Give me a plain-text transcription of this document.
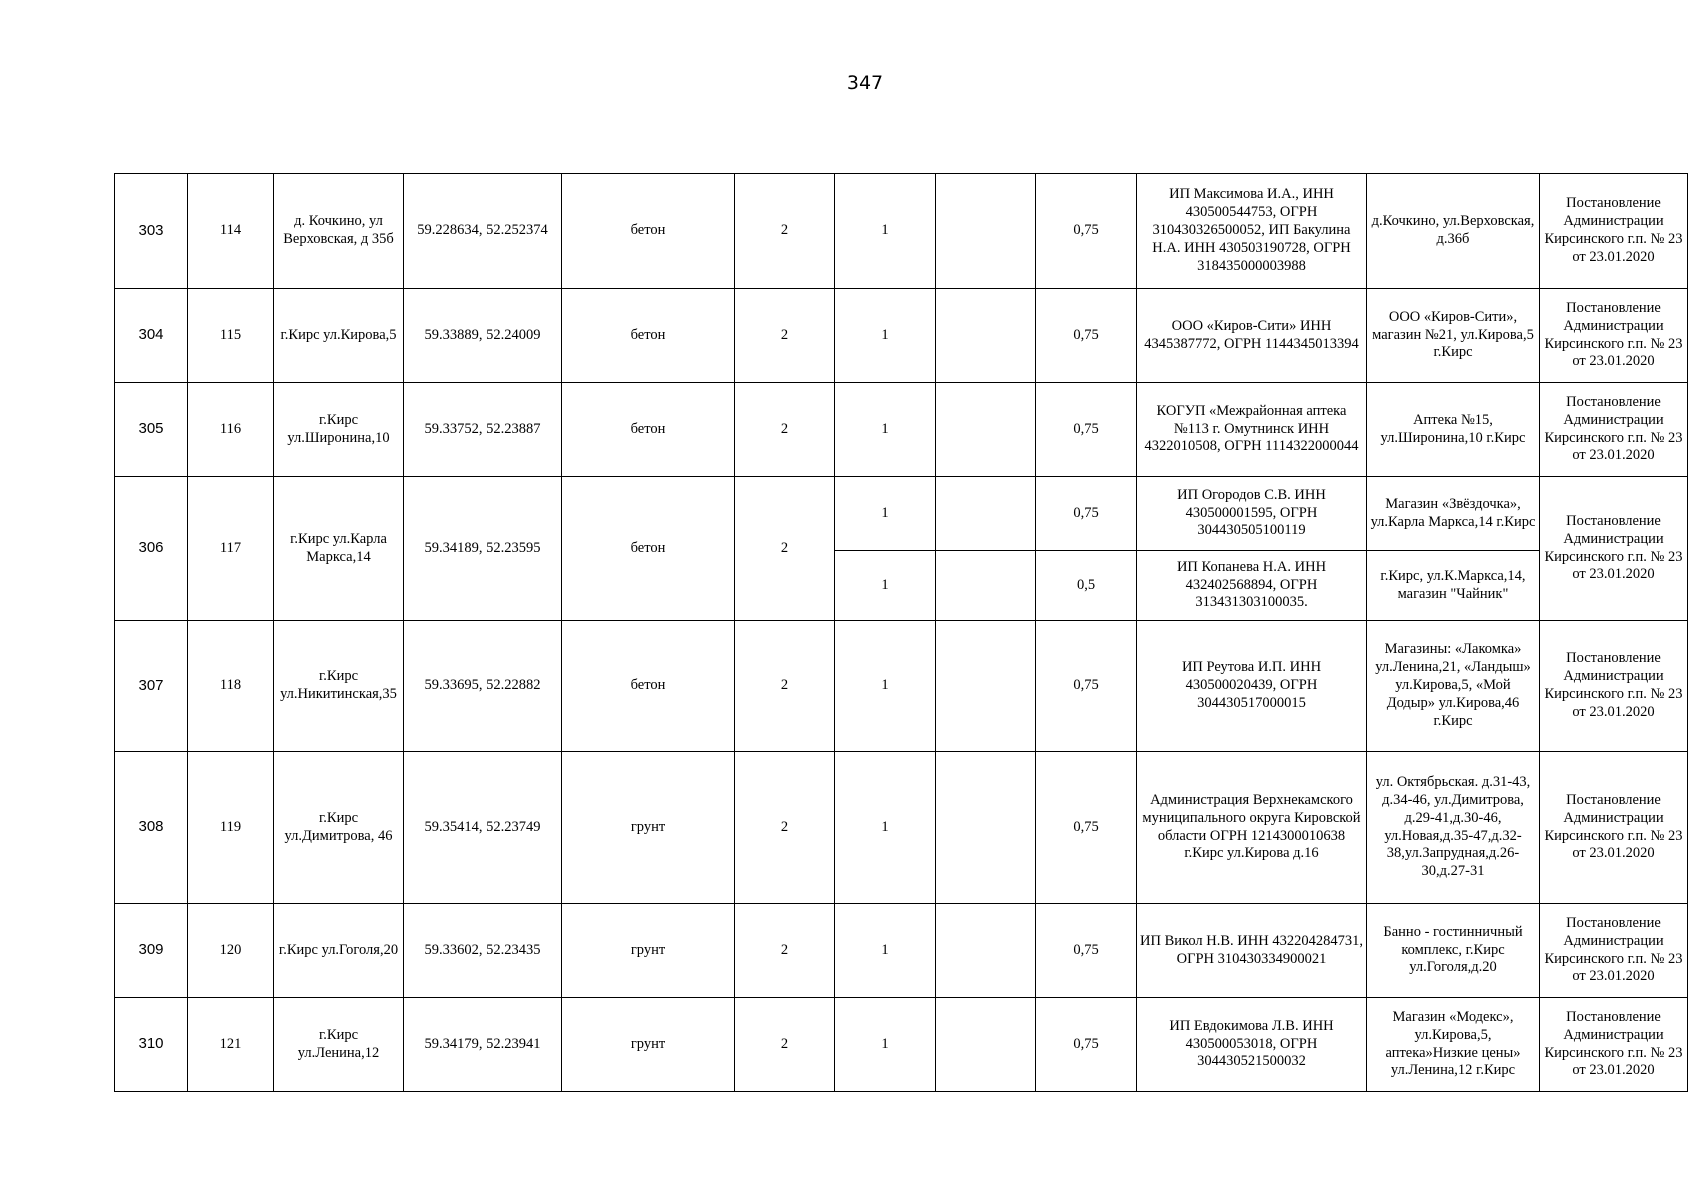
347
303	114	д. Кочкино, ул Верховская, д 35б	59.228634, 52.252374	бетон	2	1		0,75	ИП Максимова И.А., ИНН 430500544753, ОГРН 310430326500052, ИП Бакулина Н.А. ИНН 430503190728, ОГРН 318435000003988	д.Кочкино, ул.Верховская, д.36б	Постановление Администрации Кирсинского г.п. № 23 от 23.01.2020
304	115	г.Кирс ул.Кирова,5	59.33889, 52.24009	бетон	2	1		0,75	ООО «Киров-Сити» ИНН 4345387772, ОГРН 1144345013394	ООО «Киров-Сити», магазин №21, ул.Кирова,5 г.Кирс	Постановление Администрации Кирсинского г.п. № 23 от 23.01.2020
305	116	г.Кирс ул.Широнина,10	59.33752, 52.23887	бетон	2	1		0,75	КОГУП «Межрайонная аптека №113 г. Омутнинск ИНН 4322010508, ОГРН 1114322000044	Аптека №15, ул.Широнина,10 г.Кирс	Постановление Администрации Кирсинского г.п. № 23 от 23.01.2020
306	117	г.Кирс ул.Карла Маркса,14	59.34189, 52.23595	бетон	2	1		0,75	ИП Огородов С.В. ИНН 430500001595, ОГРН 304430505100119	Магазин «Звёздочка», ул.Карла Маркса,14 г.Кирс	Постановление Администрации Кирсинского г.п. № 23 от 23.01.2020
						1		0,5	ИП Копанева Н.А. ИНН 432402568894, ОГРН 313431303100035.	г.Кирс, ул.К.Маркса,14, магазин "Чайник"	
307	118	г.Кирс ул.Никитинская,35	59.33695, 52.22882	бетон	2	1		0,75	ИП Реутова И.П. ИНН 430500020439, ОГРН 304430517000015	Магазины: «Лакомка» ул.Ленина,21, «Ландыш» ул.Кирова,5, «Мой Додыр» ул.Кирова,46 г.Кирс	Постановление Администрации Кирсинского г.п. № 23 от 23.01.2020
308	119	г.Кирс ул.Димитрова, 46	59.35414, 52.23749	грунт	2	1		0,75	Администрация Верхнекамского муниципального округа Кировской области ОГРН 1214300010638 г.Кирс ул.Кирова д.16	ул. Октябрьская. д.31-43, д.34-46, ул.Димитрова, д.29-41,д.30-46, ул.Новая,д.35-47,д.32-38,ул.Запрудная,д.26-30,д.27-31	Постановление Администрации Кирсинского г.п. № 23 от 23.01.2020
309	120	г.Кирс ул.Гоголя,20	59.33602, 52.23435	грунт	2	1		0,75	ИП Викол Н.В. ИНН 432204284731, ОГРН 310430334900021	Банно - гостинничный комплекс, г.Кирс ул.Гоголя,д.20	Постановление Администрации Кирсинского г.п. № 23 от 23.01.2020
310	121	г.Кирс ул.Ленина,12	59.34179, 52.23941	грунт	2	1		0,75	ИП Евдокимова Л.В. ИНН 430500053018, ОГРН 304430521500032	Магазин «Модекс», ул.Кирова,5, аптека»Низкие цены» ул.Ленина,12 г.Кирс	Постановление Администрации Кирсинского г.п. № 23 от 23.01.2020
